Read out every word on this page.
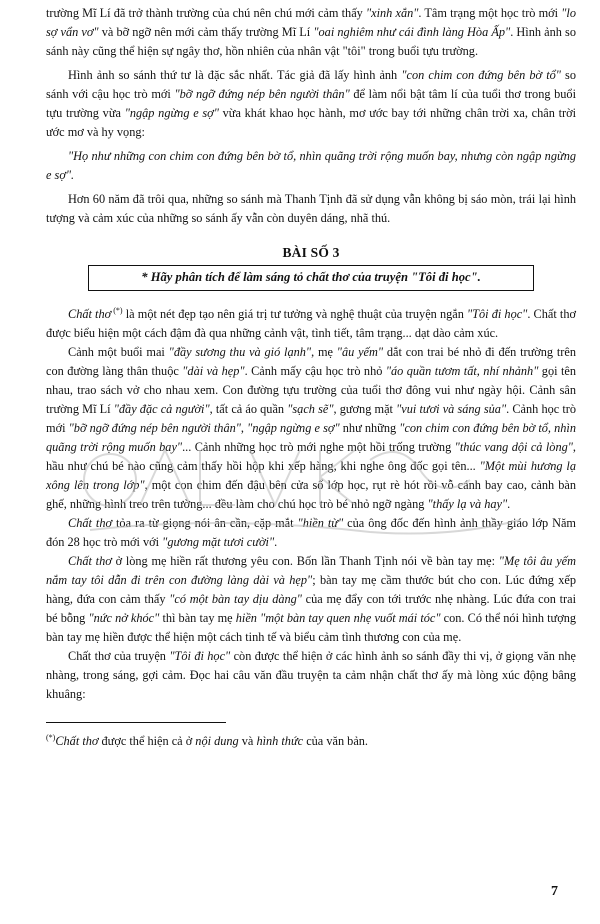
trường Mĩ Lí đã trở thành trường của chú nên chú mới cảm thấy "xinh xắn". Tâm trạng một học trò mới "lo sợ vẩn vơ" và bỡ ngỡ nên mới cảm thấy trường Mĩ Lí "oai nghiêm như cái đình làng Hòa Ấp". Hình ảnh so sánh này cũng thể hiện sự ngây thơ, hồn nhiên của nhân vật "tôi" trong buổi tựu trường.

Hình ảnh so sánh thứ tư là đặc sắc nhất. Tác giả đã lấy hình ảnh "con chim con đứng bên bờ tổ" so sánh với cậu học trò mới "bỡ ngỡ đứng nép bên người thân" để làm nổi bật tâm lí của tuổi thơ trong buổi tựu trường vừa "ngập ngừng e sợ" vừa khát khao học hành, mơ ước bay tới những chân trời xa, chân trời ước mơ và hy vọng:

"Họ như những con chim con đứng bên bờ tổ, nhìn quãng trời rộng muốn bay, nhưng còn ngập ngừng e sợ".

Hơn 60 năm đã trôi qua, những so sánh mà Thanh Tịnh đã sử dụng vẫn không bị sáo mòn, trái lại hình tượng và cảm xúc của những so sánh ấy vẫn còn duyên dáng, nhã thú.

BÀI SỐ 3
* Hãy phân tích để làm sáng tỏ chất thơ của truyện "Tôi đi học".

Chất thơ (*) là một nét đẹp tạo nên giá trị tư tưởng và nghệ thuật của truyện ngắn "Tôi đi học". Chất thơ được biểu hiện một cách đậm đà qua những cảnh vật, tình tiết, tâm trạng... dạt dào cảm xúc.

Cảnh một buổi mai "đầy sương thu và gió lạnh", mẹ "âu yếm" dắt con trai bé nhỏ đi đến trường trên con đường làng thân thuộc "dài và hẹp". Cảnh mấy cậu học trò nhỏ "áo quần tươm tất, nhí nhảnh" gọi tên nhau, trao sách vở cho nhau xem. Con đường tựu trường của tuổi thơ đông vui như ngày hội. Cảnh sân trường Mĩ Lí "đầy đặc cả người", tất cả áo quần "sạch sẽ", gương mặt "vui tươi và sáng sủa". Cảnh học trò mới "bỡ ngỡ đứng nép bên người thân", "ngập ngừng e sợ" như những "con chim con đứng bên bờ tổ, nhìn quãng trời rộng muốn bay"... Cảnh những học trò mới nghe một hồi trống trường "thúc vang dội cả lòng", hầu như chú bé nào cũng cảm thấy hồi hộp khi xếp hàng, khi nghe ông đốc gọi tên... "Một mùi hương lạ xông lên trong lớp", một con chim đến đậu bên cửa sổ lớp học, rụt rè hót rồi vỗ cánh bay cao, cảnh bàn ghế, những hình treo trên tường... đều làm cho chú học trò bé nhỏ ngỡ ngàng "thấy lạ và hay".

Chất thơ tỏa ra từ giọng nói ân cần, cặp mắt "hiền từ" của ông đốc đến hình ảnh thầy giáo lớp Năm đón 28 học trò mới với "gương mặt tươi cười".

Chất thơ ở lòng mẹ hiền rất thương yêu con. Bốn lần Thanh Tịnh nói về bàn tay mẹ: "Mẹ tôi âu yếm nắm tay tôi dẫn đi trên con đường làng dài và hẹp"; bàn tay mẹ cầm thước bút cho con. Lúc đứng xếp hàng, đứa con cảm thấy "có một bàn tay dịu dàng" của mẹ đẩy con tới trước nhẹ nhàng. Lúc đứa con trai bé bỗng "nức nở khóc" thì bàn tay mẹ hiền "một bàn tay quen nhẹ vuốt mái tóc" con. Có thể nói hình tượng bàn tay mẹ hiền được thể hiện một cách tinh tế và biểu cảm tình thương con của mẹ.

Chất thơ của truyện "Tôi đi học" còn được thể hiện ở các hình ảnh so sánh đầy thi vị, ở giọng văn nhẹ nhàng, trong sáng, gợi cảm. Đọc hai câu văn đầu truyện ta cảm nhận chất thơ ấy mà lòng xúc động bâng khuâng:

(*)Chất thơ được thể hiện cả ở nội dung và hình thức của văn bản.

7
